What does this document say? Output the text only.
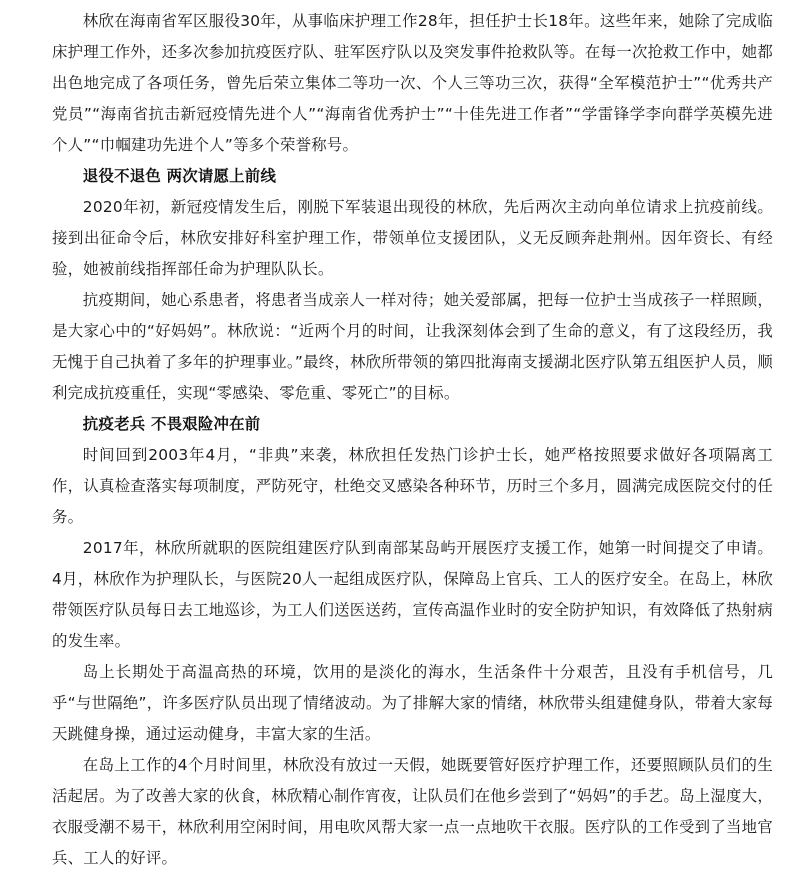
林欣在海南省军区服役30年，从事临床护理工作28年，担任护士长18年。这些年来，她除了完成临床护理工作外，还多次参加抗疫医疗队、驻军医疗队以及突发事件抢救队等。在每一次抢救工作中，她都出色地完成了各项任务，曾先后荣立集体二等功一次、个人三等功三次，获得“全军模范护士”“优秀共产党员”“海南省抗击新冠疫情先进个人”“海南省优秀护士”“十佳先进工作者”“学雷锋学李向群学英模先进个人”“巾帼建功先进个人”等多个荣誉称号。

退役不退色 两次请愿上前线

2020年初，新冠疫情发生后，刚脱下军装退出现役的林欣，先后两次主动向单位请求上抗疫前线。接到出征命令后，林欣安排好科室护理工作，带领单位支援团队，义无反顾奔赴荆州。因年资长、有经验，她被前线指挥部任命为护理队队长。

抗疫期间，她心系患者，将患者当成亲人一样对待；她关爱部属，把每一位护士当成孩子一样照顾，是大家心中的“好妈妈”。林欣说：“近两个月的时间，让我深刻体会到了生命的意义，有了这段经历，我无愧于自己执着了多年的护理事业。”最终，林欣所带领的第四批海南支援湖北医疗队第五组医护人员，顺利完成抗疫重任，实现“零感染、零危重、零死亡”的目标。

抗疫老兵 不畏艰险冲在前

时间回到2003年4月，“非典”来袭，林欣担任发热门诊护士长，她严格按照要求做好各项隔离工作，认真检查落实每项制度，严防死守，杜绝交叉感染各种环节，历时三个多月，圆满完成医院交付的任务。

2017年，林欣所就职的医院组建医疗队到南部某岛屿开展医疗支援工作，她第一时间提交了申请。4月，林欣作为护理队长，与医院20人一起组成医疗队，保障岛上官兵、工人的医疗安全。在岛上，林欣带领医疗队员每日去工地巡诊，为工人们送医送药，宣传高温作业时的安全防护知识，有效降低了热射病的发生率。

岛上长期处于高温高热的环境，饮用的是淡化的海水，生活条件十分艰苦，且没有手机信号，几乎“与世隔绝”，许多医疗队员出现了情绪波动。为了排解大家的情绪，林欣带头组建健身队，带着大家每天跳健身操，通过运动健身，丰富大家的生活。

在岛上工作的4个月时间里，林欣没有放过一天假，她既要管好医疗护理工作，还要照顾队员们的生活起居。为了改善大家的伙食，林欣精心制作宵夜，让队员们在他乡尝到了“妈妈”的手艺。岛上湿度大，衣服受潮不易干，林欣利用空闲时间，用电吹风帮大家一点一点地吹干衣服。医疗队的工作受到了当地官兵、工人的好评。
